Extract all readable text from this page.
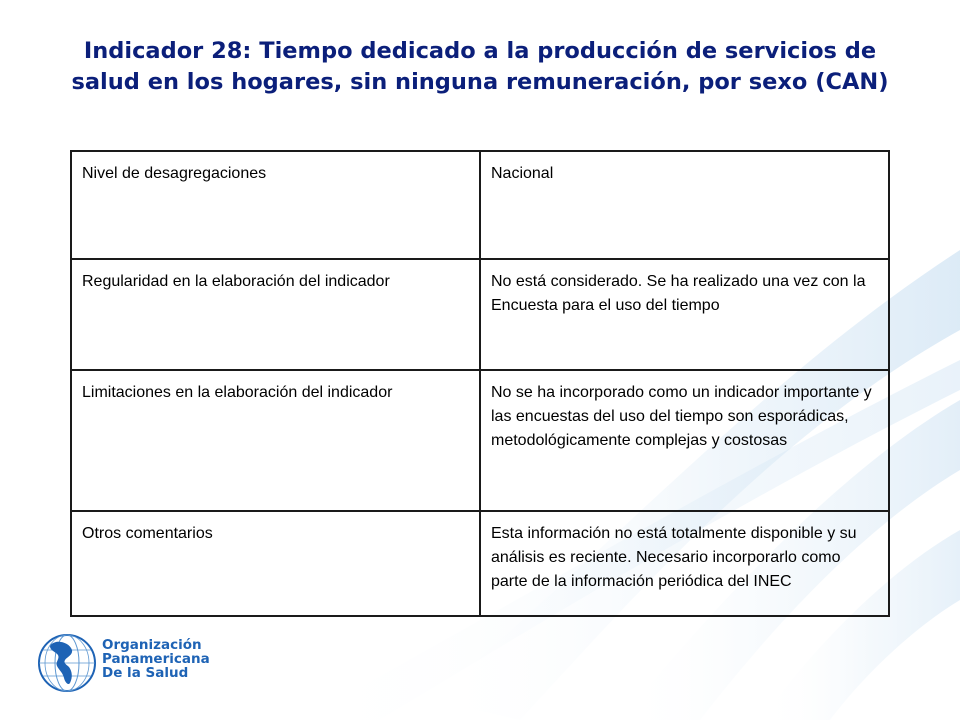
Indicador 28: Tiempo dedicado a la producción de servicios de salud en los hogares, sin ninguna remuneración, por sexo (CAN)
Nivel de desagregaciones	Nacional
Regularidad en la elaboración del indicador	No está considerado. Se ha realizado una vez con la Encuesta para el uso del tiempo
Limitaciones en la elaboración del indicador	No se ha incorporado como un indicador importante y las encuestas del uso del tiempo son esporádicas, metodológicamente complejas y costosas
Otros comentarios	Esta información no está totalmente disponible y su análisis es reciente. Necesario incorporarlo como parte de la información periódica del INEC
Organización
Panamericana
De la Salud
